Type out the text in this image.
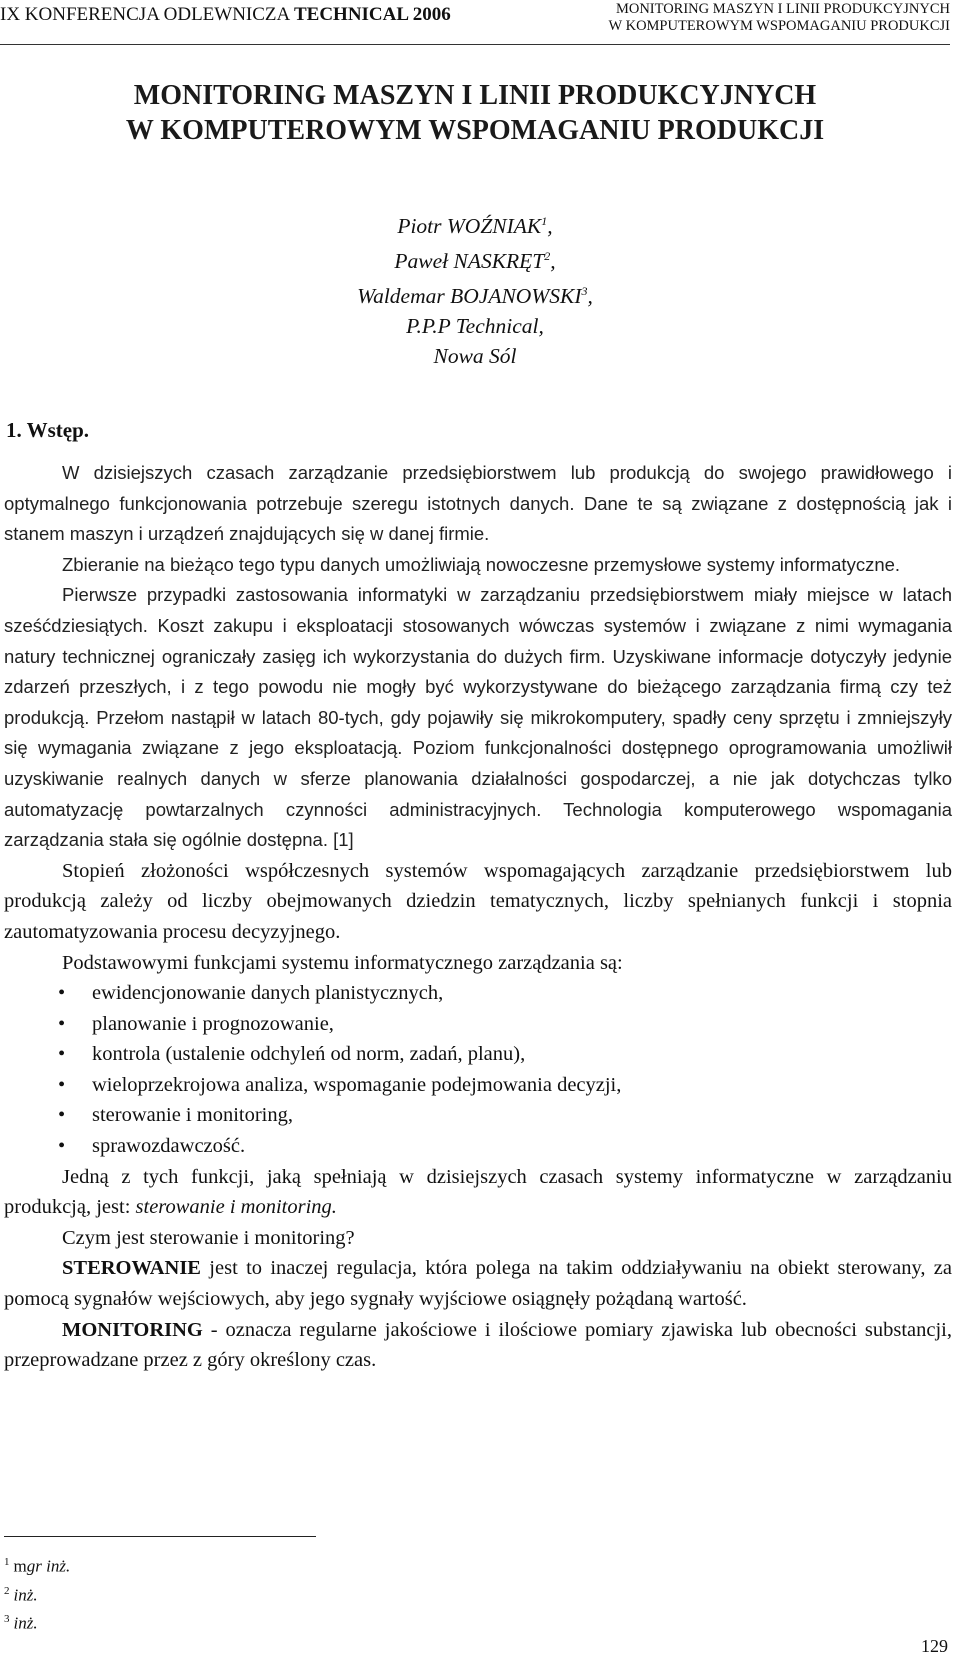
IX KONFERENCJA ODLEWNICZA TECHNICAL 2006	MONITORING MASZYN I LINII PRODUKCYJNYCH
W KOMPUTEROWYM WSPOMAGANIU PRODUKCJI
MONITORING MASZYN I LINII PRODUKCYJNYCH
W KOMPUTEROWYM WSPOMAGANIU PRODUKCJI
Piotr WOŹNIAK$^1$,
Paweł NASKRĘT$^2$,
Waldemar BOJANOWSKI$^3$,
P.P.P Technical,
Nowa Sól
1. Wstęp.

W dzisiejszych czasach zarządzanie przedsiębiorstwem lub produkcją do swojego prawidłowego i optymalnego funkcjonowania potrzebuje szeregu istotnych danych. Dane te są związane z dostępnością jak i stanem maszyn i urządzeń znajdujących się w danej firmie.

Zbieranie na bieżąco tego typu danych umożliwiają nowoczesne przemysłowe systemy informatyczne.

Pierwsze przypadki zastosowania informatyki w zarządzaniu przedsiębiorstwem miały miejsce w latach sześćdziesiątych. Koszt zakupu i eksploatacji stosowanych wówczas systemów i związane z nimi wymagania natury technicznej ograniczały zasięg ich wykorzystania do dużych firm. Uzyskiwane informacje dotyczyły jedynie zdarzeń przeszłych, i z tego powodu nie mogły być wykorzystywane do bieżącego zarządzania firmą czy też produkcją. Przełom nastąpił w latach 80-tych, gdy pojawiły się mikrokomputery, spadły ceny sprzętu i zmniejszyły się wymagania związane z jego eksploatacją. Poziom funkcjonalności dostępnego oprogramowania umożliwił uzyskiwanie realnych danych w sferze planowania działalności gospodarczej, a nie jak dotychczas tylko automatyzację powtarzalnych czynności administracyjnych. Technologia komputerowego wspomagania zarządzania stała się ogólnie dostępna. [1]

Stopień złożoności współczesnych systemów wspomagających zarządzanie przedsiębiorstwem lub produkcją zależy od liczby obejmowanych dziedzin tematycznych, liczby spełnianych funkcji i stopnia zautomatyzowania procesu decyzyjnego.

Podstawowymi funkcjami systemu informatycznego zarządzania są:

• ewidencjonowanie danych planistycznych,
• planowanie i prognozowanie,
• kontrola (ustalenie odchyleń od norm, zadań, planu),
• wieloprzekrojowa analiza, wspomaganie podejmowania decyzji,
• sterowanie i monitoring,
• sprawozdawczość.

Jedną z tych funkcji, jaką spełniają w dzisiejszych czasach systemy informatyczne w zarządzaniu produkcją, jest: sterowanie i monitoring.

Czym jest sterowanie i monitoring?

STEROWANIE jest to inaczej regulacja, która polega na takim oddziaływaniu na obiekt sterowany, za pomocą sygnałów wejściowych, aby jego sygnały wyjściowe osiągnęły pożądaną wartość.

MONITORING - oznacza regularne jakościowe i ilościowe pomiary zjawiska lub obecności substancji, przeprowadzane przez z góry określony czas.

$^1$ mgr inż.
$^2$ inż.
$^3$ inż.
129
